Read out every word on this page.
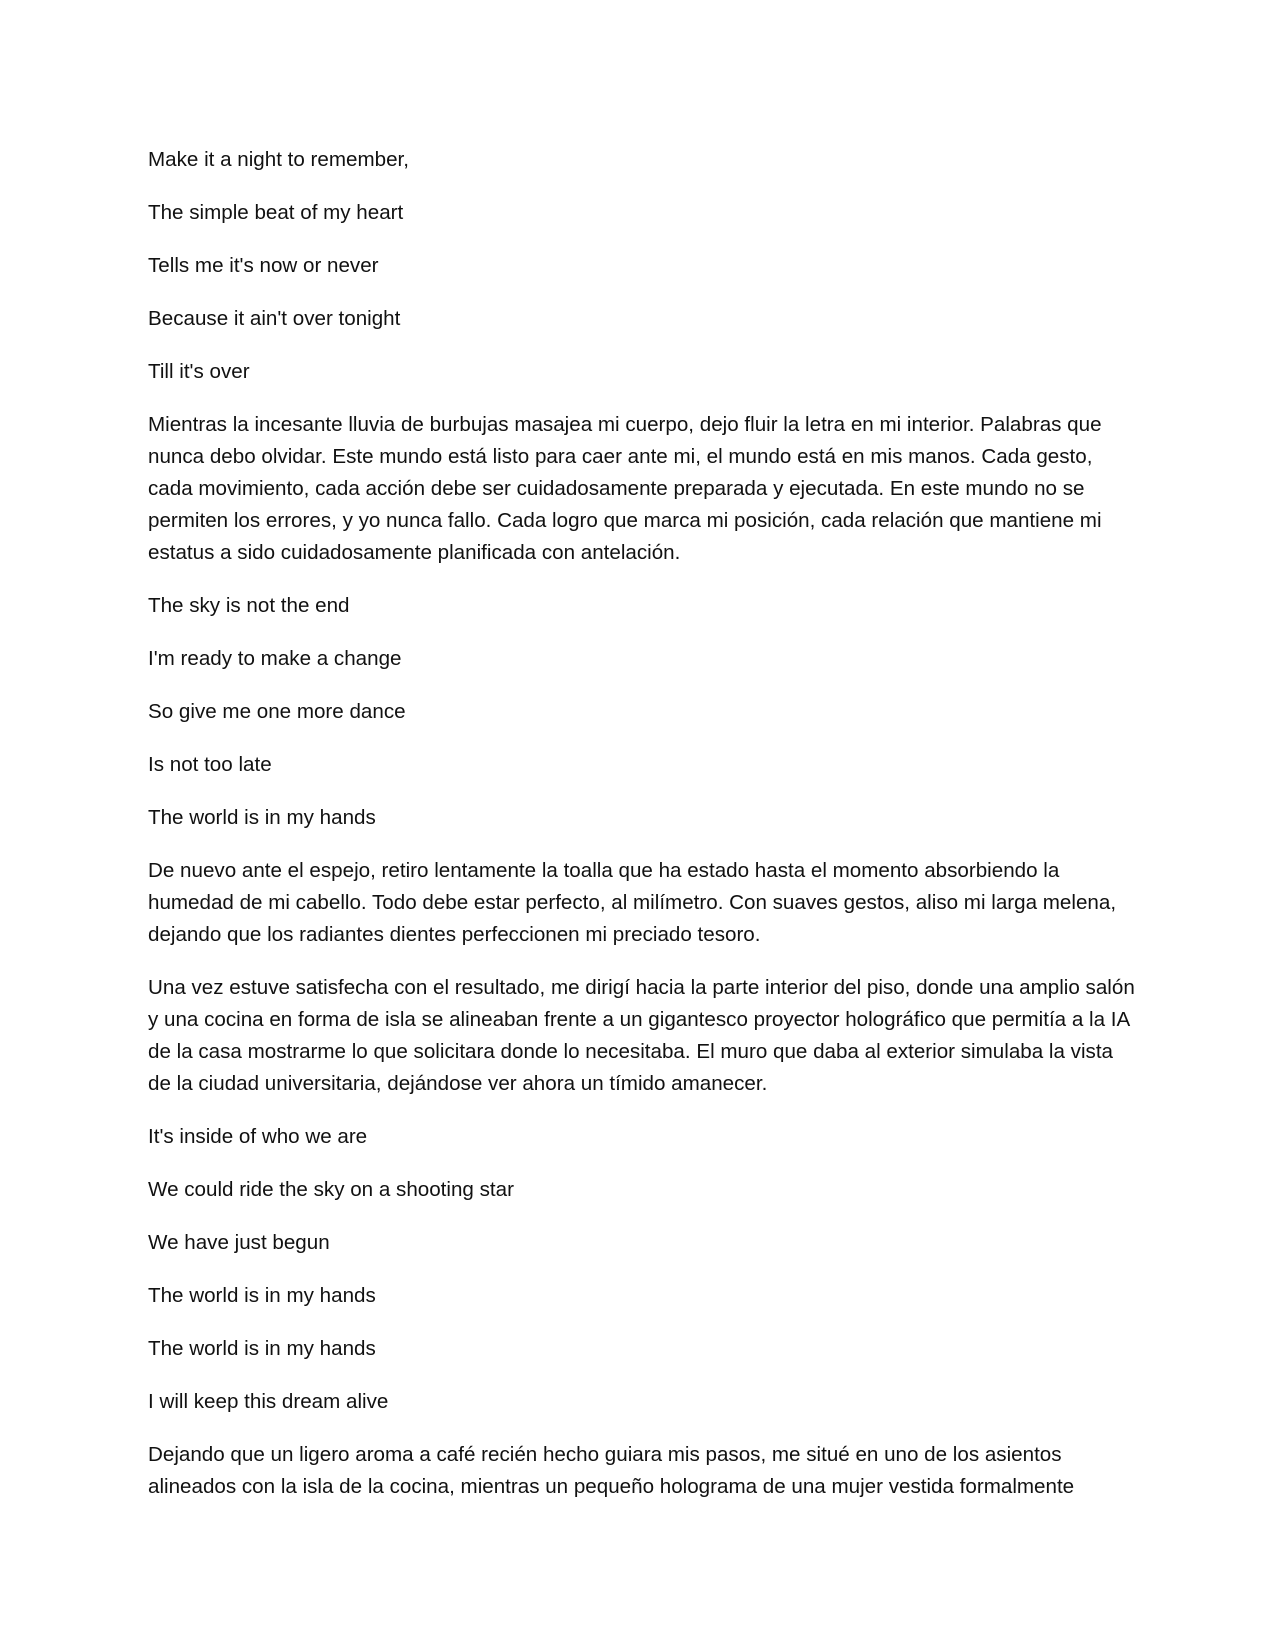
Make it a night to remember,

The simple beat of my heart

Tells me it's now or never

Because it ain't over tonight

Till it's over

Mientras la incesante lluvia de burbujas masajea mi cuerpo, dejo fluir la letra en mi interior. Palabras que nunca debo olvidar. Este mundo está listo para caer ante mi, el mundo está en mis manos. Cada gesto, cada movimiento, cada acción debe ser cuidadosamente preparada y ejecutada. En este mundo no se permiten los errores, y yo nunca fallo. Cada logro que marca mi posición, cada relación que mantiene mi estatus a sido cuidadosamente planificada con antelación.

The sky is not the end

I'm ready to make a change

So give me one more dance

Is not too late

The world is in my hands

De nuevo ante el espejo, retiro lentamente la toalla que ha estado hasta el momento absorbiendo la humedad de mi cabello. Todo debe estar perfecto, al milímetro. Con suaves gestos, aliso mi larga melena, dejando que los radiantes dientes perfeccionen mi preciado tesoro.

Una vez estuve satisfecha con el resultado, me dirigí hacia la parte interior del piso, donde una amplio salón y una cocina en forma de isla se alineaban frente a un gigantesco proyector holográfico que permitía a la IA de la casa mostrarme lo que solicitara donde lo necesitaba. El muro que daba al exterior simulaba la vista de la ciudad universitaria, dejándose ver ahora un tímido amanecer.

It's inside of who we are

We could ride the sky on a shooting star

We have just begun

The world is in my hands

The world is in my hands

I will keep this dream alive

Dejando que un ligero aroma a café recién hecho guiara mis pasos, me situé en uno de los asientos alineados con la isla de la cocina, mientras un pequeño holograma de una mujer vestida formalmente
